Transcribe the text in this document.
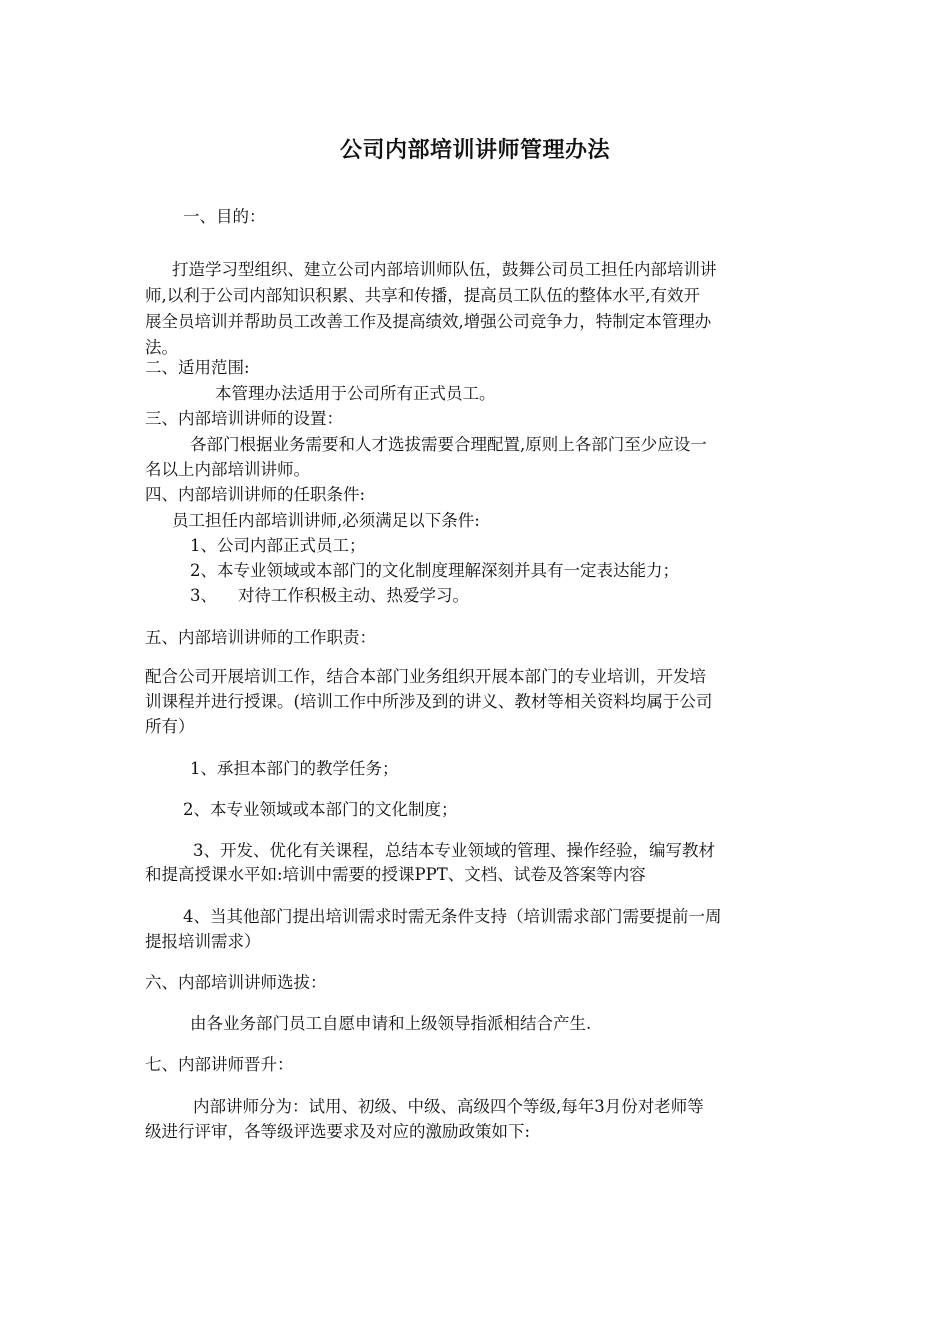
公司内部培训讲师管理办法
一、目的：
打造学习型组织、建立公司内部培训师队伍，鼓舞公司员工担任内部培训讲
师,以利于公司内部知识积累、共享和传播，提高员工队伍的整体水平,有效开
展全员培训并帮助员工改善工作及提高绩效,增强公司竞争力，特制定本管理办
法。
二、适用范围:
本管理办法适用于公司所有正式员工。
三、内部培训讲师的设置：
各部门根据业务需要和人才选拔需要合理配置,原则上各部门至少应设一
名以上内部培训讲师。
四、内部培训讲师的任职条件:
员工担任内部培训讲师,必须满足以下条件:
1、公司内部正式员工；
2、本专业领域或本部门的文化制度理解深刻并具有一定表达能力；
3、    对待工作积极主动、热爱学习。
五、内部培训讲师的工作职责：
配合公司开展培训工作，结合本部门业务组织开展本部门的专业培训，开发培
训课程并进行授课。(培训工作中所涉及到的讲义、教材等相关资料均属于公司
所有）
1、承担本部门的教学任务；
2、本专业领域或本部门的文化制度；
3、开发、优化有关课程，总结本专业领域的管理、操作经验，编写教材
和提高授课水平如:培训中需要的授课PPT、文档、试卷及答案等内容
4、当其他部门提出培训需求时需无条件支持（培训需求部门需要提前一周
提报培训需求）
六、内部培训讲师选拔：
由各业务部门员工自愿申请和上级领导指派相结合产生.
七、内部讲师晋升：
内部讲师分为：试用、初级、中级、高级四个等级,每年3月份对老师等
级进行评审，各等级评选要求及对应的激励政策如下:
